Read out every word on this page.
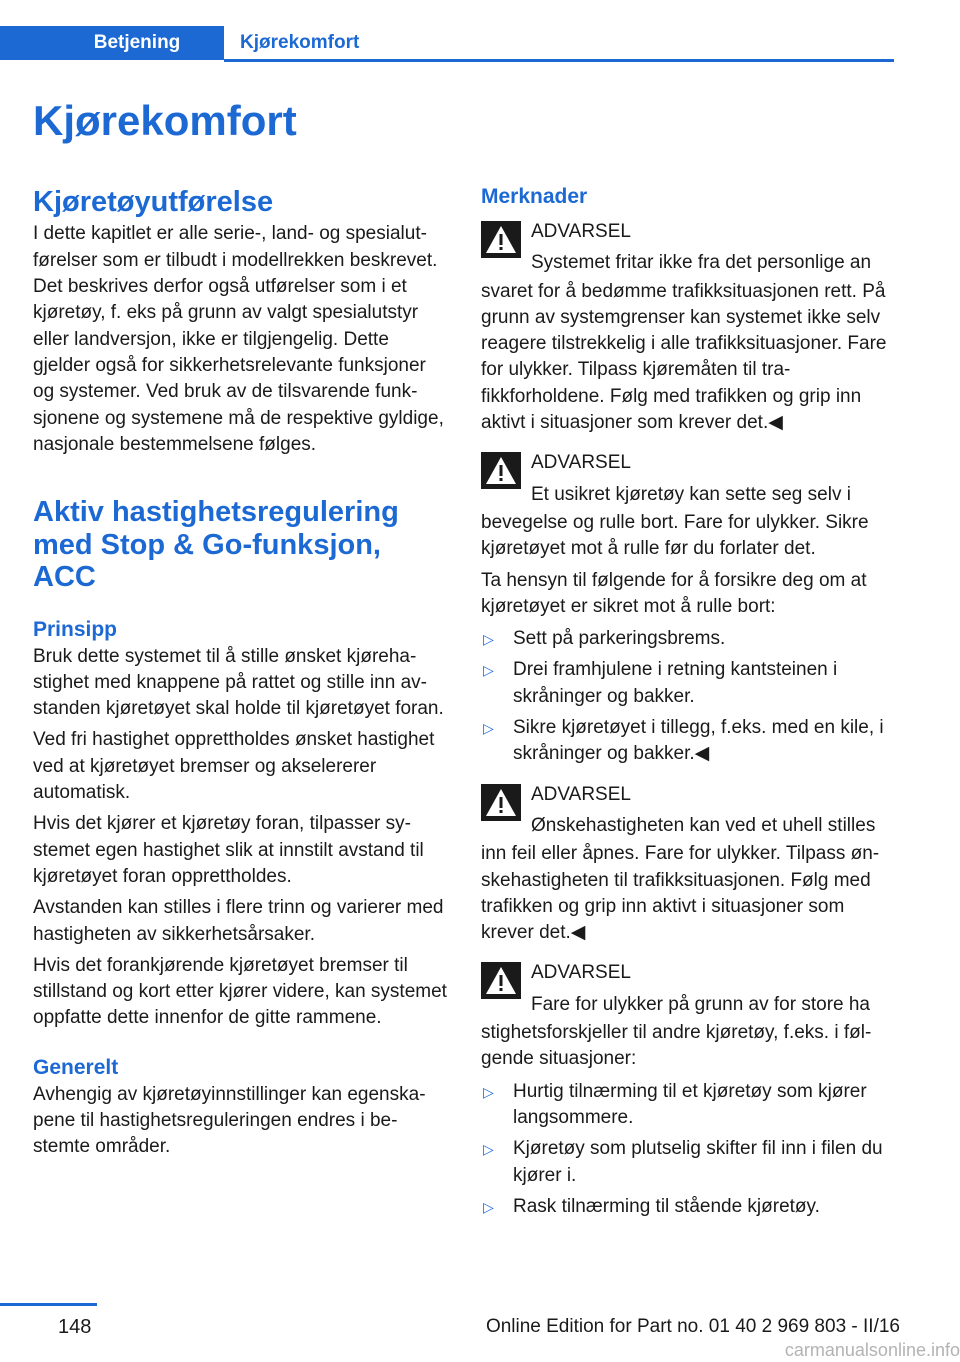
Betjening	Kjørekomfort
Kjørekomfort
Kjøretøyutførelse

I dette kapitlet er alle serie-, land- og spesialutførelser som er tilbudt i modellrekken beskrevet. Det beskrives derfor også utførelser som i et kjøretøy, f. eks på grunn av valgt spesialutstyr eller landversjon, ikke er tilgjengelig. Dette gjelder også for sikkerhetsrelevante funksjoner og systemer. Ved bruk av de tilsvarende funksjonene og systemene må de respektive gyldige, nasjonale bestemmelsene følges.

Aktiv hastighetsregulering med Stop & Go-funksjon, ACC
Prinsipp

Bruk dette systemet til å stille ønsket kjørehastighet med knappene på rattet og stille inn avstanden kjøretøyet skal holde til kjøretøyet foran.

Ved fri hastighet opprettholdes ønsket hastighet ved at kjøretøyet bremser og akselererer automatisk.

Hvis det kjører et kjøretøy foran, tilpasser systemet egen hastighet slik at innstilt avstand til kjøretøyet foran opprettholdes.

Avstanden kan stilles i flere trinn og varierer med hastigheten av sikkerhetsårsaker.

Hvis det forankjørende kjøretøyet bremser til stillstand og kort etter kjører videre, kan systemet oppfatte dette innenfor de gitte rammene.

Generelt

Avhengig av kjøretøyinnstillinger kan egenskapene til hastighetsreguleringen endres i bestemte områder.

Merknader

ADVARSEL

Systemet fritar ikke fra det personlige an

svaret for å bedømme trafikksituasjonen rett. På grunn av systemgrenser kan systemet ikke selv reagere tilstrekkelig i alle trafikksituasjoner. Fare for ulykker. Tilpass kjøremåten til trafikkforholdene. Følg med trafikken og grip inn aktivt i situasjoner som krever det.◀

ADVARSEL

Et usikret kjøretøy kan sette seg selv i

bevegelse og rulle bort. Fare for ulykker. Sikre kjøretøyet mot å rulle før du forlater det.

Ta hensyn til følgende for å forsikre deg om at kjøretøyet er sikret mot å rulle bort:

▷ Sett på parkeringsbrems.
▷ Drei framhjulene i retning kantsteinen i skråninger og bakker.
▷ Sikre kjøretøyet i tillegg, f.eks. med en kile, i skråninger og bakker.◀

ADVARSEL

Ønskehastigheten kan ved et uhell stilles

inn feil eller åpnes. Fare for ulykker. Tilpass ønskehastigheten til trafikksituasjonen. Følg med trafikken og grip inn aktivt i situasjoner som krever det.◀

ADVARSEL

Fare for ulykker på grunn av for store ha

stighetsforskjeller til andre kjøretøy, f.eks. i følgende situasjoner:

▷ Hurtig tilnærming til et kjøretøy som kjører langsommere.
▷ Kjøretøy som plutselig skifter fil inn i filen du kjører i.
▷ Rask tilnærming til stående kjøretøy.
148	Online Edition for Part no. 01 40 2 969 803 - II/16
carmanualsonline.info
